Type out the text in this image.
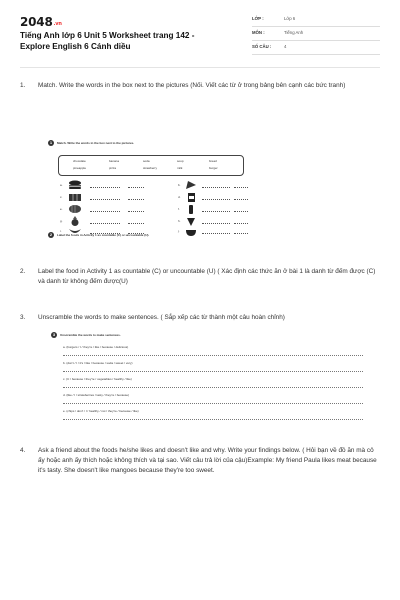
2048.vn
Tiếng Anh lớp 6 Unit 5 Worksheet trang 142 - Explore English 6 Cánh diều
LỚP :	Lớp 6
MÔN :	Tiếng Anh
SỐ CÂU :	4
1. Match. Write the words in the box next to the pictures (Nối. Viết các từ ở trong bảng bên cạnh các bức tranh)
1	Match. Write the words in the box next to the pictures.
chocolate	banana	soda	soup	bread
pineapple	pizza	strawberry	milk	burger
a.	b.
c.	d.
e.	f.
g.	h.
i.	j.
2	Label the foods in Activity 1 as countable (C) or uncountable (U).
2. Label the food in Activity 1 as countable (C) or uncountable (U) ( Xác định các thức ăn ở bài 1 là danh từ đếm được (C) và danh từ không đếm được(U)
3. Unscramble the words to make sentences. ( Sắp xếp các từ thành một câu hoàn chỉnh)
3	Unscramble the words to make sentences.
a. (burgers / I / they're / like / because / delicious)
b. (don't / I / it's / like / because / soda / sweet / very)
c. (C / because / they're / vegetables / healthy / like)
d. (like / I / strawberries / tasty / they're / because)
e. (chips / don't / I / healthy / not / they're / because / like)
4. Ask a friend about the foods he/she likes and doesn't like and why. Write your findings below. ( Hỏi bạn về đồ ăn mà cô ấy hoặc anh ấy thích hoặc không thích và tại sao. Viết câu trả lời của cậu)Example: My friend Paula likes meat because it's tasty. She doesn't like mangoes because they're too sweet.
